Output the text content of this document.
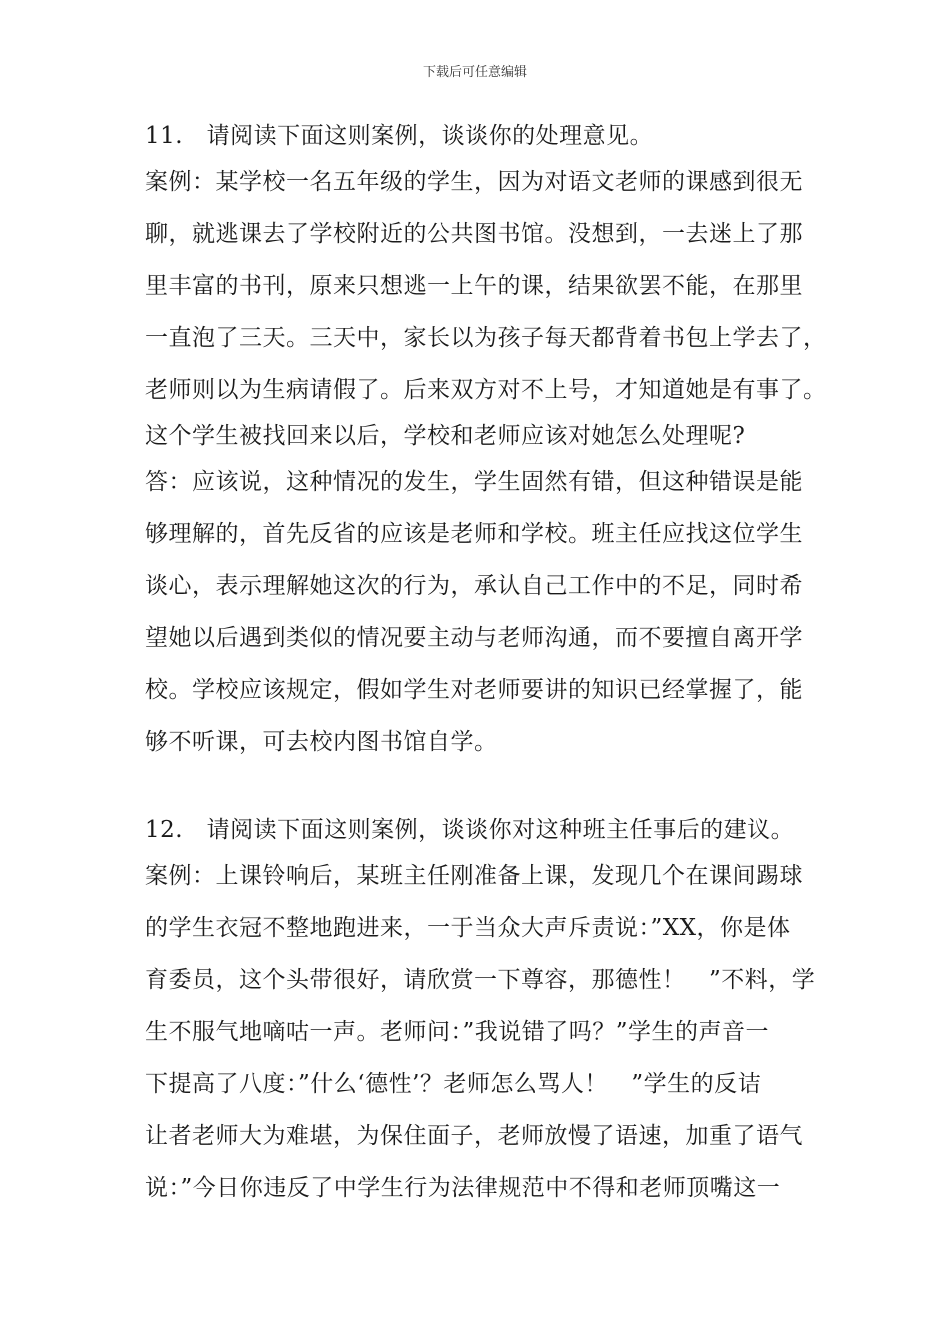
下载后可任意编辑
11.　请阅读下面这则案例，谈谈你的处理意见。
案例：某学校一名五年级的学生，因为对语文老师的课感到很无
聊，就逃课去了学校附近的公共图书馆。没想到，一去迷上了那
里丰富的书刊，原来只想逃一上午的课，结果欲罢不能，在那里
一直泡了三天。三天中，家长以为孩子每天都背着书包上学去了，
老师则以为生病请假了。后来双方对不上号，才知道她是有事了。
这个学生被找回来以后，学校和老师应该对她怎么处理呢?
答：应该说，这种情况的发生，学生固然有错，但这种错误是能
够理解的，首先反省的应该是老师和学校。班主任应找这位学生
谈心，表示理解她这次的行为，承认自己工作中的不足，同时希
望她以后遇到类似的情况要主动与老师沟通，而不要擅自离开学
校。学校应该规定，假如学生对老师要讲的知识已经掌握了，能
够不听课，可去校内图书馆自学。
12.　请阅读下面这则案例，谈谈你对这种班主任事后的建议。
案例：上课铃响后，某班主任刚准备上课，发现几个在课间踢球
的学生衣冠不整地跑进来，一于当众大声斥责说：”XX，你是体
育委员，这个头带很好，请欣赏一下尊容，那德性！　”不料，学
生不服气地嘀咕一声。老师问：”我说错了吗？”学生的声音一
下提高了八度：”什么‘德性’？老师怎么骂人！　”学生的反诘
让者老师大为难堪，为保住面子，老师放慢了语速，加重了语气
说：”今日你违反了中学生行为法律规范中不得和老师顶嘴这一
